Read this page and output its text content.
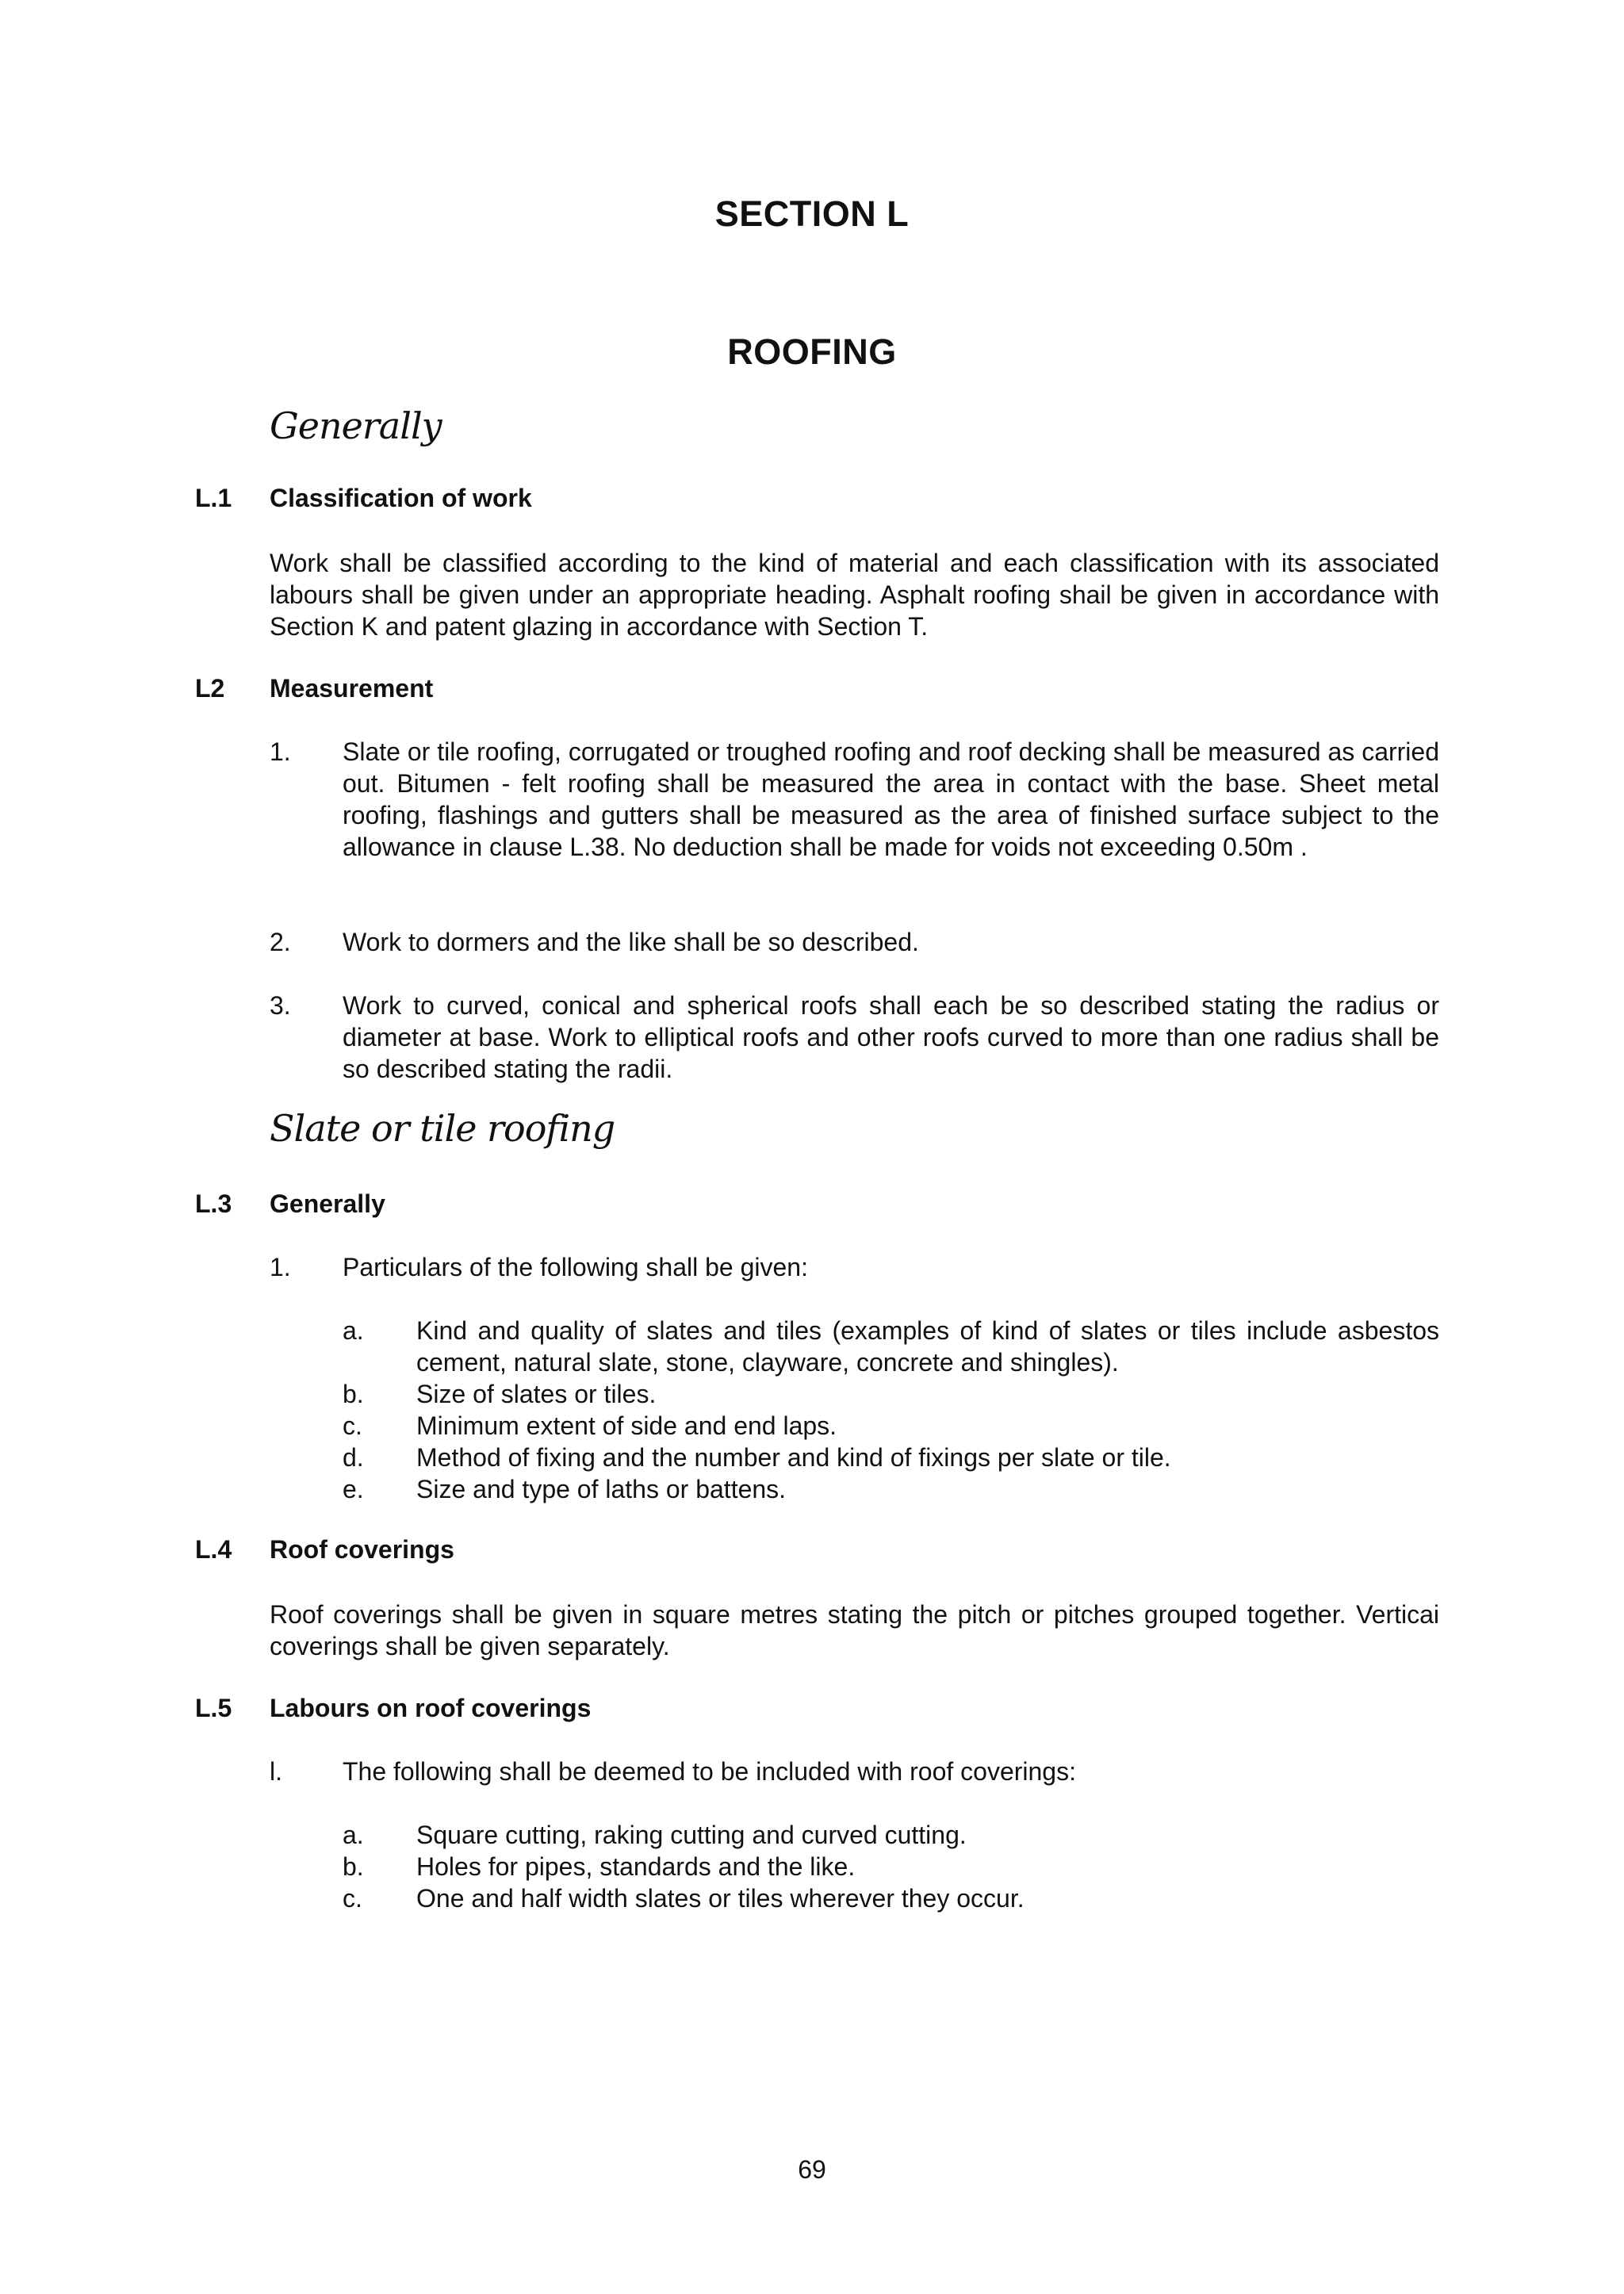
SECTION L
ROOFING
Generally
L.1 Classification of work
Work shall be classified according to the kind of material and each classification with its associated labours shall be given under an appropriate heading. Asphalt roofing shail be given in accordance with Section K and patent glazing in accordance with Section T.
L2 Measurement
1. Slate or tile roofing, corrugated or troughed roofing and roof decking shall be measured as carried out. Bitumen - felt roofing shall be measured the area in contact with the base. Sheet metal roofing, flashings and gutters shall be measured as the area of finished surface subject to the allowance in clause L.38. No deduction shall be made for voids not exceeding 0.50m .
2. Work to dormers and the like shall be so described.
3. Work to curved, conical and spherical roofs shall each be so described stating the radius or diameter at base. Work to elliptical roofs and other roofs curved to more than one radius shall be so described stating the radii.
Slate or tile roofing
L.3 Generally
1. Particulars of the following shall be given:
a. Kind and quality of slates and tiles (examples of kind of slates or tiles include asbestos cement, natural slate, stone, clayware, concrete and shingles).
b. Size of slates or tiles.
c. Minimum extent of side and end laps.
d. Method of fixing and the number and kind of fixings per slate or tile.
e. Size and type of laths or battens.
L.4 Roof coverings
Roof coverings shall be given in square metres stating the pitch or pitches grouped together. Verticai coverings shall be given separately.
L.5 Labours on roof coverings
l. The following shall be deemed to be included with roof coverings:
a. Square cutting, raking cutting and curved cutting.
b. Holes for pipes, standards and the like.
c. One and half width slates or tiles wherever they occur.
69
